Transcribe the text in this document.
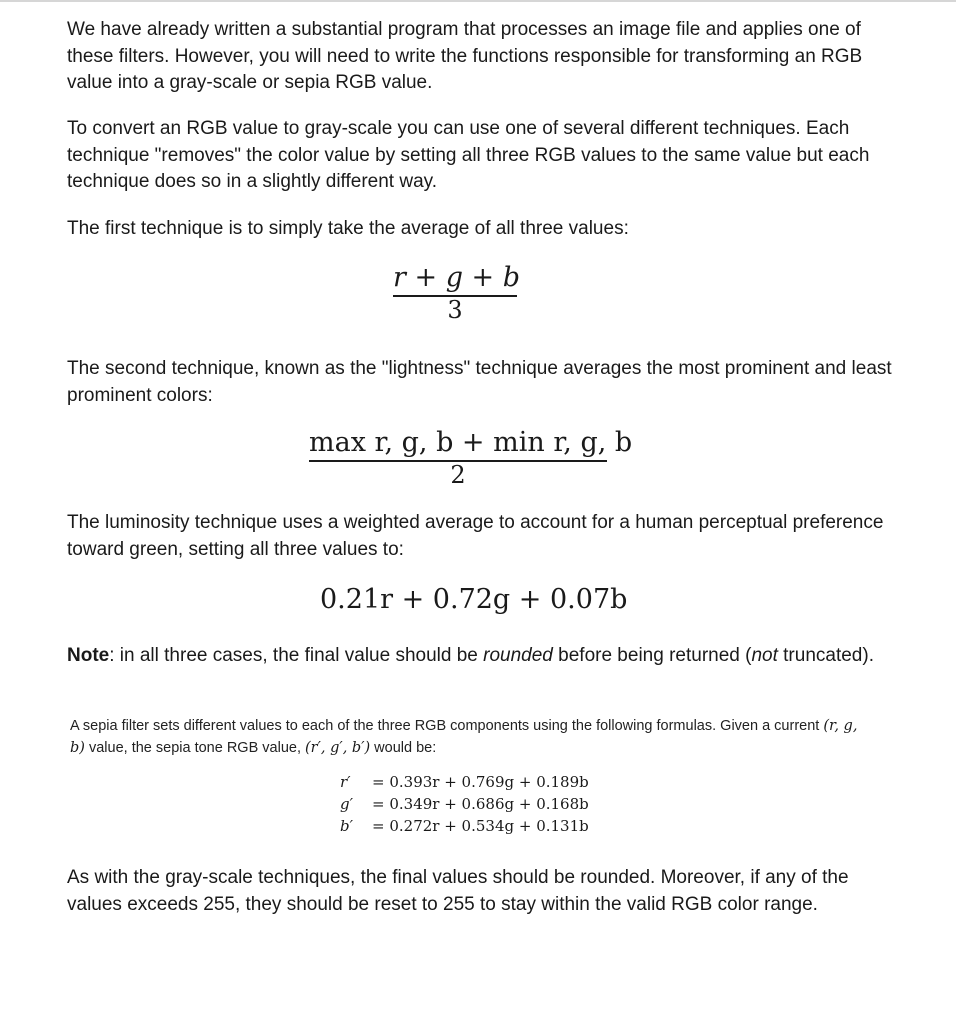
We have already written a substantial program that processes an image file and applies one of these filters. However, you will need to write the functions responsible for transforming an RGB value into a gray-scale or sepia RGB value.

To convert an RGB value to gray-scale you can use one of several different techniques. Each technique "removes" the color value by setting all three RGB values to the same value but each technique does so in a slightly different way.

The first technique is to simply take the average of all three values:

r + g + b
3

The second technique, known as the "lightness" technique averages the most prominent and least prominent colors:

max r, g, b + min r, g, b
2

The luminosity technique uses a weighted average to account for a human perceptual preference toward green, setting all three values to:

0.21r + 0.72g + 0.07b

Note: in all three cases, the final value should be rounded before being returned (not truncated).

A sepia filter sets different values to each of the three RGB components using the following formulas. Given a current (r, g, b) value, the sepia tone RGB value, (r′, g′, b′) would be:

r′	= 0.393r + 0.769g + 0.189b
g′	= 0.349r + 0.686g + 0.168b
b′	= 0.272r + 0.534g + 0.131b

As with the gray-scale techniques, the final values should be rounded. Moreover, if any of the values exceeds 255, they should be reset to 255 to stay within the valid RGB color range.
